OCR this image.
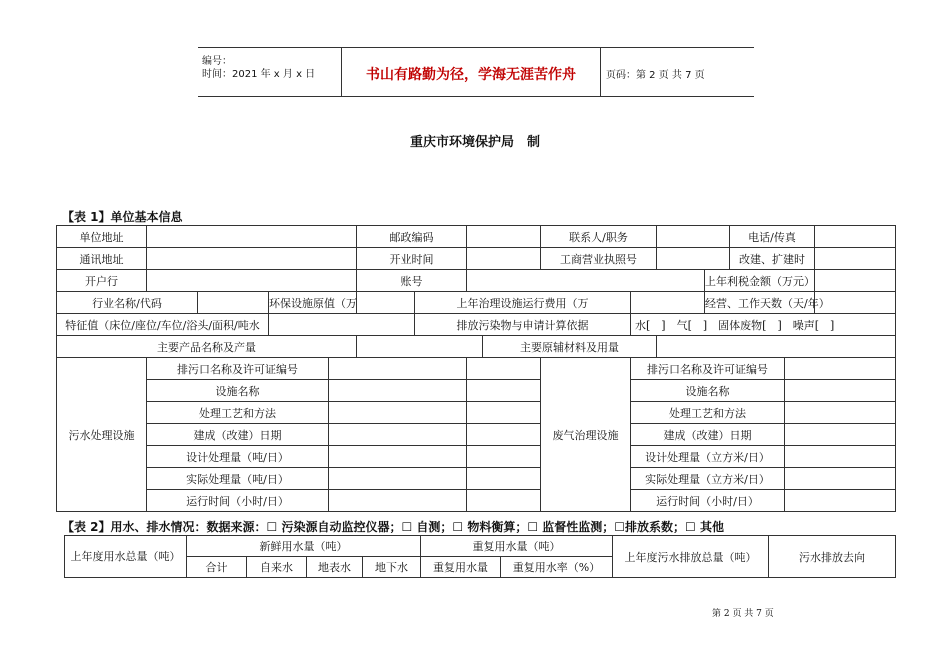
编号：
时间：2021 年 x 月 x 日	书山有路勤为径，学海无涯苦作舟	页码：第 2 页 共 7 页
重庆市环境保护局　制
【表 1】单位基本信息
单位地址					邮政编码				联系人/职务				电话/传真			
通讯地址					开业时间				工商营业执照号				改建、扩建时			
开户行					账号							上年利税金额（万元）				
行业名称/代码			环保设施原值（万			上年治理设施运行费用（万						经营、工作天数（天/年）				
特征值（床位/座位/车位/浴头/面积/吨水						排放污染物与申请计算依据				水[　]　气[　]　固体废物[　]　噪声[　]						
主要产品名称及产量								主要原辅材料及用量								
污水处理设施	排污口名称及许可证编号								废气治理设施	排污口名称及许可证编号						
	设施名称									设施名称						
	处理工艺和方法									处理工艺和方法						
	建成（改建）日期									建成（改建）日期						
	设计处理量（吨/日）									设计处理量（立方米/日）						
	实际处理量（吨/日）									实际处理量（立方米/日）						
	运行时间（小时/日）									运行时间（小时/日）						
【表 2】用水、排水情况：数据来源：☐ 污染源自动监控仪器；☐ 自测；☐ 物料衡算；☐ 监督性监测；☐排放系数；☐ 其他
上年度用水总量（吨）	新鲜用水量（吨）				重复用水量（吨）		上年度污水排放总量（吨）	污水排放去向
	合计	自来水	地表水	地下水	重复用水量	重复用水率（%）		
第 2 页 共 7 页
